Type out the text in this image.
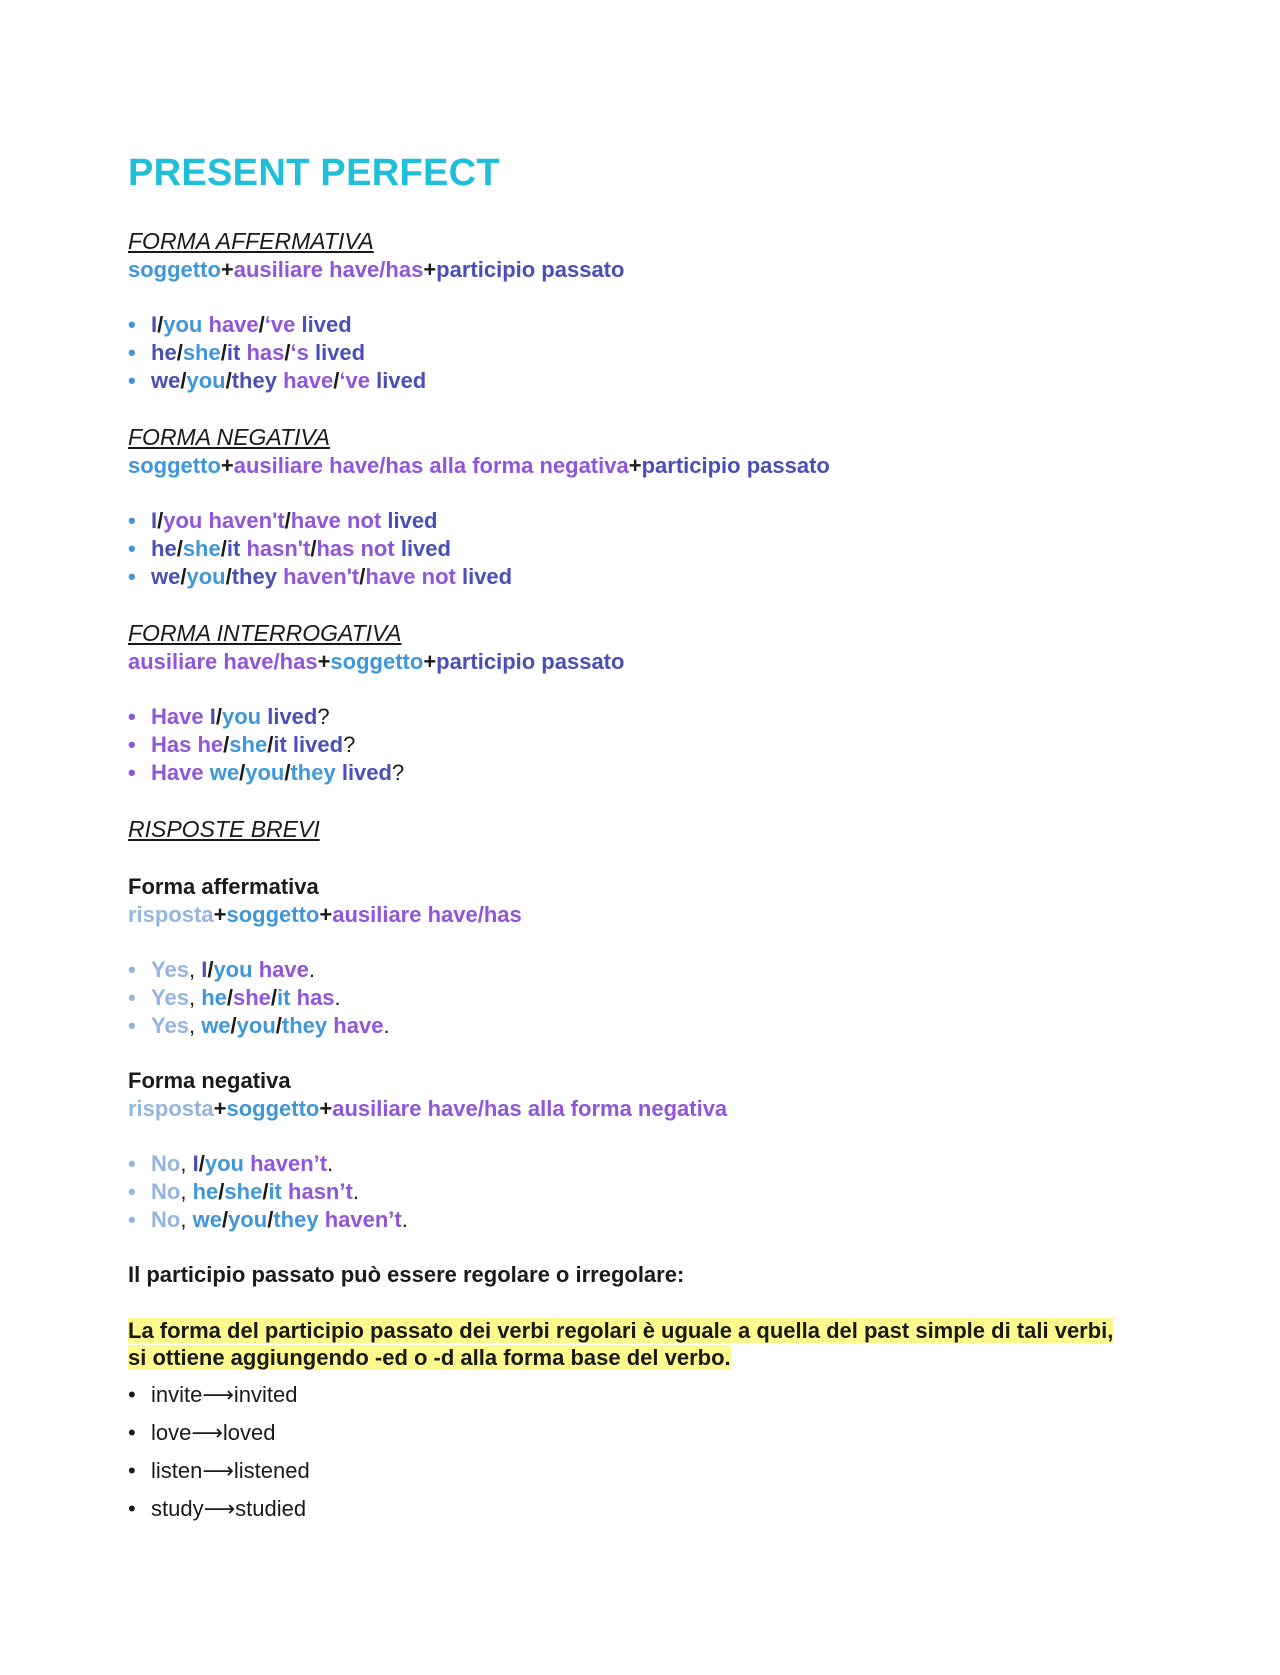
PRESENT PERFECT
FORMA AFFERMATIVA
soggetto+ausiliare have/has+participio passato
• I/you have/‘ve lived
• he/she/it has/‘s lived
• we/you/they have/‘ve lived
FORMA NEGATIVA
soggetto+ausiliare have/has alla forma negativa+participio passato
• I/you haven't/have not lived
• he/she/it hasn't/has not lived
• we/you/they haven't/have not lived
FORMA INTERROGATIVA
ausiliare have/has+soggetto+participio passato
• Have I/you lived?
• Has he/she/it lived?
• Have we/you/they lived?
RISPOSTE BREVI
Forma affermativa
risposta+soggetto+ausiliare have/has
• Yes, I/you have.
• Yes, he/she/it has.
• Yes, we/you/they have.
Forma negativa
risposta+soggetto+ausiliare have/has alla forma negativa
• No, I/you haven’t.
• No, he/she/it hasn’t.
• No, we/you/they haven’t.
Il participio passato può essere regolare o irregolare:
La forma del participio passato dei verbi regolari è uguale a quella del past simple di tali verbi,
si ottiene aggiungendo -ed o -d alla forma base del verbo.
• invite⟶invited
• love⟶loved
• listen⟶listened
• study⟶studied
